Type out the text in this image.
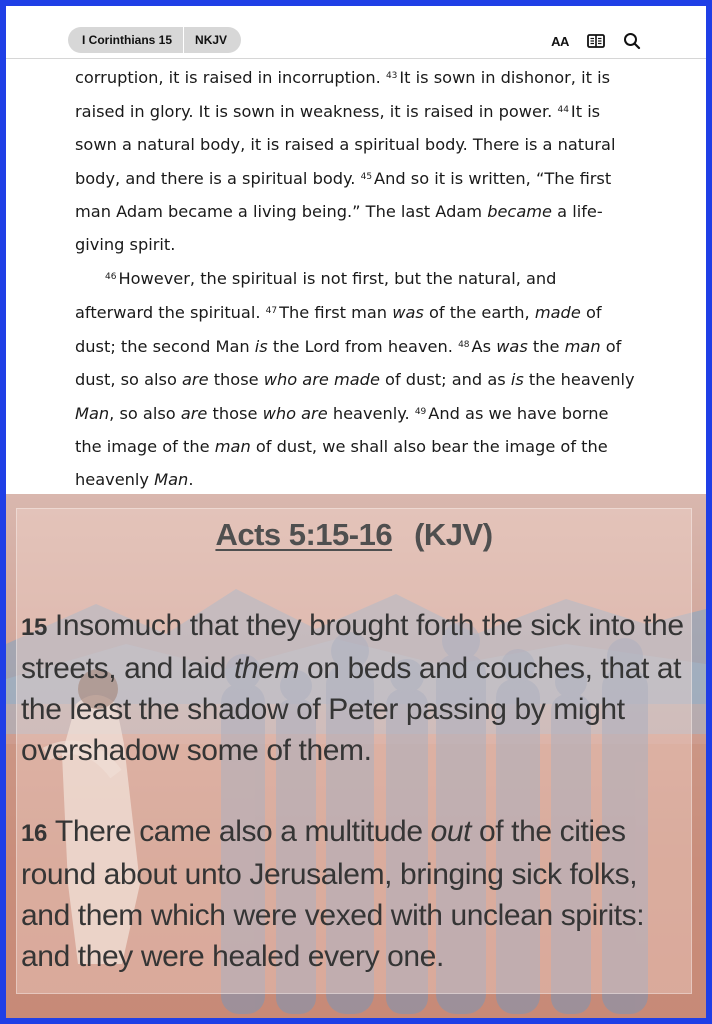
I Corinthians 15	NKJV	AA

corruption, it is raised in incorruption. $^{43}$ It is sown in dishonor, it is raised in glory. It is sown in weakness, it is raised in power. $^{44}$ It is sown a natural body, it is raised a spiritual body. There is a natural body, and there is a spiritual body. $^{45}$ And so it is written, “The first man Adam became a living being.” The last Adam became a life-giving spirit.

$^{46}$ However, the spiritual is not first, but the natural, and afterward the spiritual. $^{47}$ The first man was of the earth, made of dust; the second Man is the Lord from heaven. $^{48}$ As was the man of dust, so also are those who are made of dust; and as is the heavenly Man, so also are those who are heavenly. $^{49}$ And as we have borne the image of the man of dust, we shall also bear the image of the heavenly Man.

Acts 5:15-16 (KJV)
15 Insomuch that they brought forth the sick into the streets, and laid them on beds and couches, that at the least the shadow of Peter passing by might overshadow some of them.
16 There came also a multitude out of the cities round about unto Jerusalem, bringing sick folks, and them which were vexed with unclean spirits: and they were healed every one.
